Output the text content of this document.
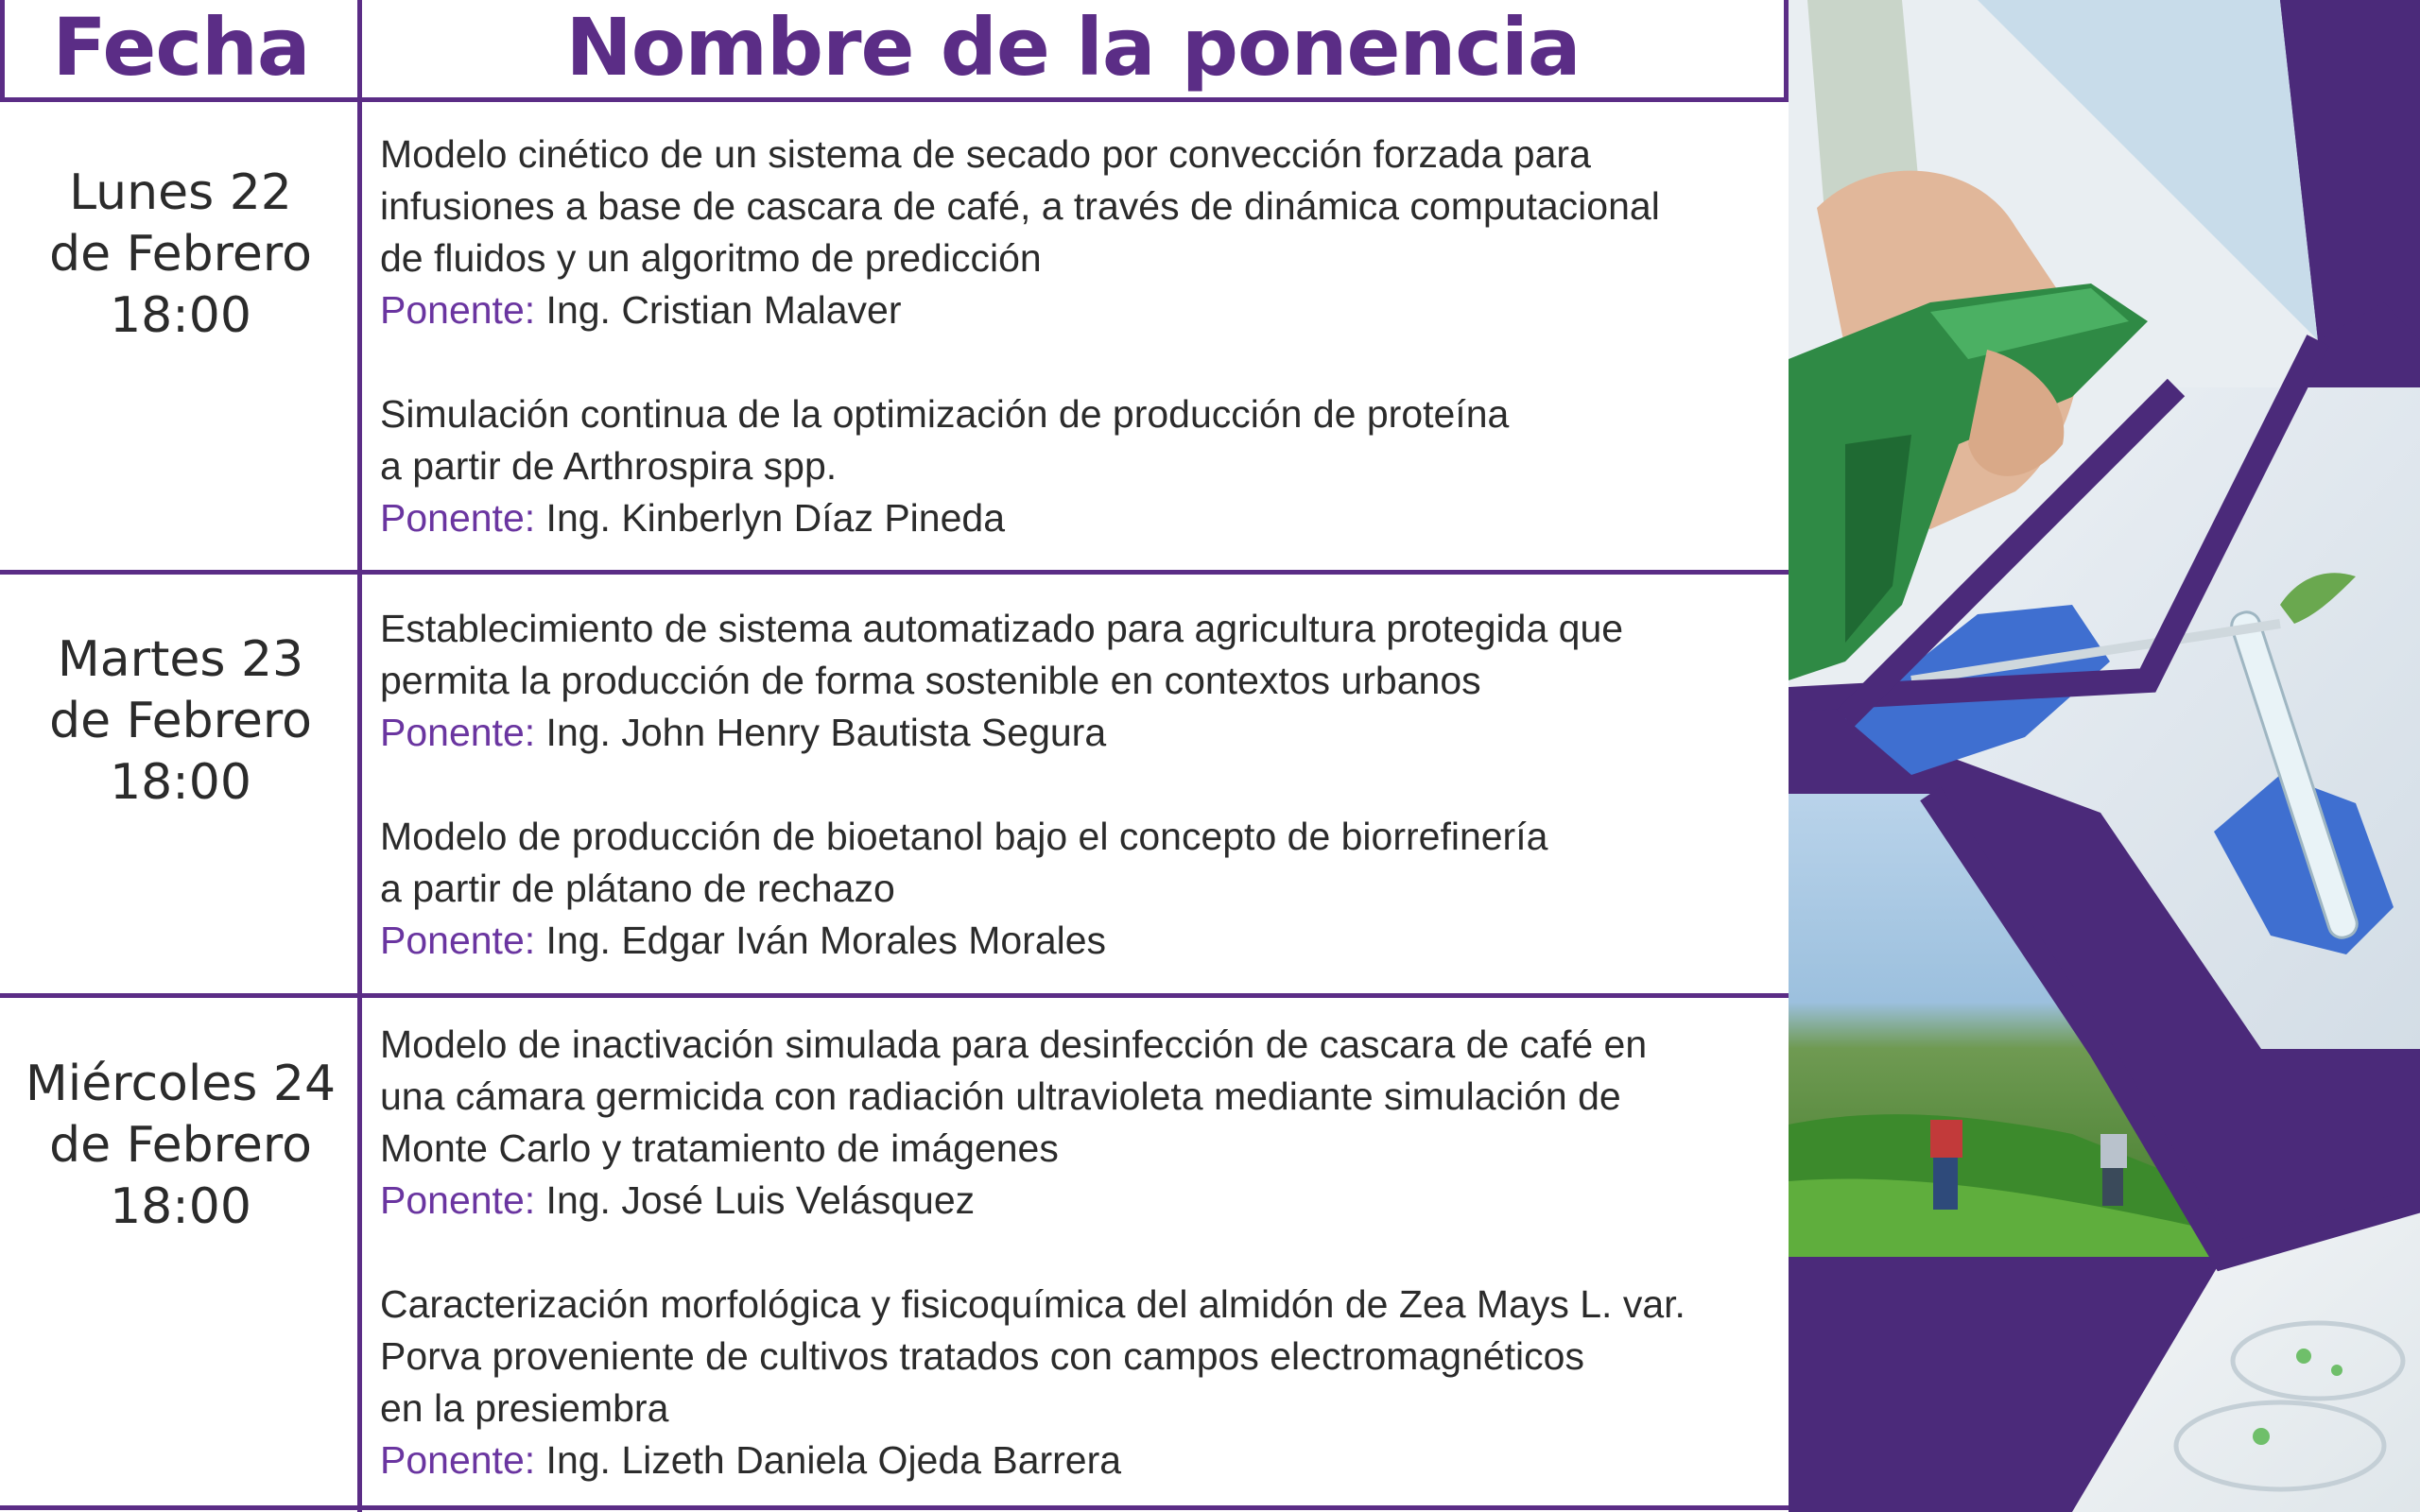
Fecha	Nombre de la ponencia
Lunes 22
de Febrero
18:00
Modelo cinético de un sistema de secado por convección forzada para
infusiones a base de cascara de café, a través de dinámica computacional
de fluidos y un algoritmo de predicción
Ponente: Ing. Cristian Malaver
Simulación continua de la optimización de producción de proteína
a partir de Arthrospira spp.
Ponente: Ing. Kinberlyn Díaz Pineda
Martes 23
de Febrero
18:00
Establecimiento de sistema automatizado para agricultura protegida que
permita la producción de forma sostenible en contextos urbanos
Ponente: Ing. John Henry Bautista Segura
Modelo de producción de bioetanol bajo el concepto de biorrefinería
a partir de plátano de rechazo
Ponente: Ing. Edgar Iván Morales Morales
Miércoles 24
de Febrero
18:00
Modelo de inactivación simulada para desinfección de cascara de café en
una cámara germicida con radiación ultravioleta mediante simulación de
Monte Carlo y tratamiento de imágenes
Ponente: Ing. José Luis Velásquez
Caracterización morfológica y fisicoquímica del almidón de Zea Mays L. var.
Porva proveniente de cultivos tratados con campos electromagnéticos
en la presiembra
Ponente: Ing. Lizeth Daniela Ojeda Barrera
